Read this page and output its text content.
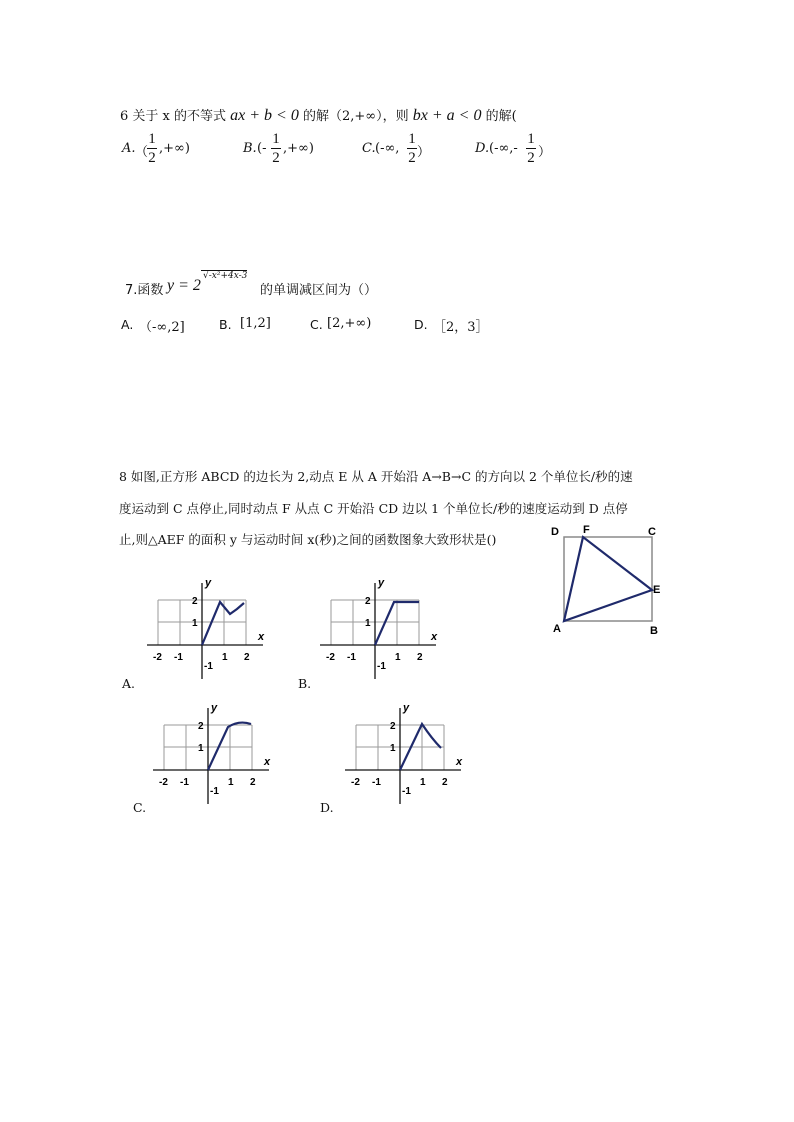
6 关于 x 的不等式 ax + b < 0 的解（2,+∞），则 bx + a < 0 的解(
A. （
1
2
,+∞)	B. (-
1
2
,+∞)	C. (-∞,
1
2 ）	D. (-∞,-
1
2 ）
7.函数 y = 2
√-x²+4x-3
的单调减区间为（）
A. （-∞,2]	B. [1,2]	C. [2,+∞)	D. ［2，3］
8 如图,正方形 ABCD 的边长为 2,动点 E 从 A 开始沿 A→B→C 的方向以 2 个单位长/秒的速
度运动到 C 点停止,同时动点 F 从点 C 开始沿 CD 边以 1 个单位长/秒的速度运动到 D 点停
止,则△AEF 的面积 y 与运动时间 x(秒)之间的函数图象大致形状是()	D F	C
E
A	B
y
x
-2 -1	1 2
2
1
-1
A.
y
x
-2 -1	1 2
2
1
-1
B.
y
x
-2 -1	1 2
2
1
-1
C.
y
x
-2 -1	1 2
2
1
-1
D.
